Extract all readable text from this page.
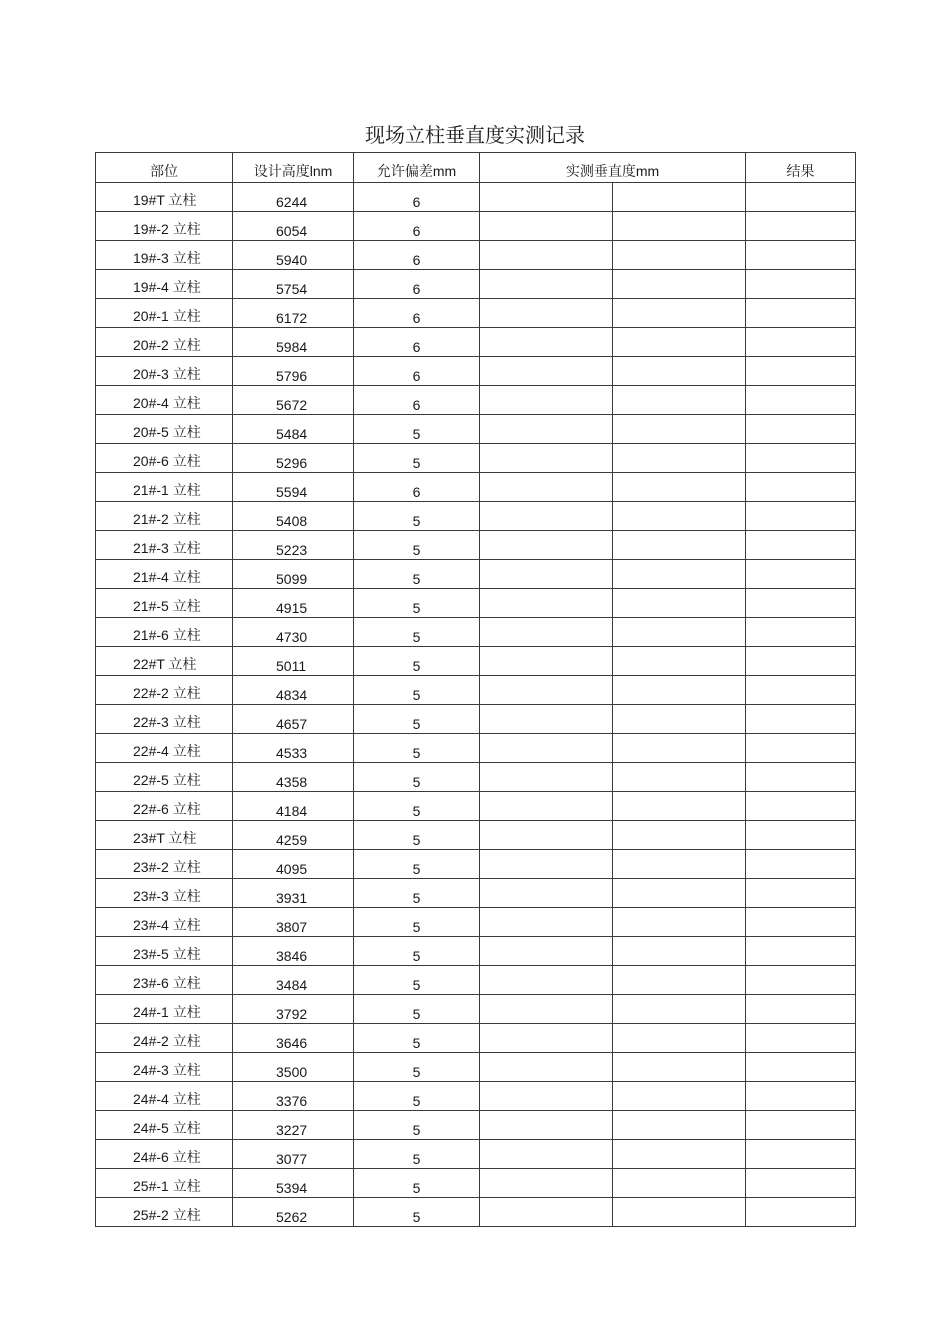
现场立柱垂直度实测记录
部位	设计高度lnm	允许偏差mm	实测垂直度mm		结果

19#T 立柱	6244	6			

19#-2 立柱	6054	6			

19#-3 立柱	5940	6			

19#-4 立柱	5754	6			

20#-1 立柱	6172	6			

20#-2 立柱	5984	6			

20#-3 立柱	5796	6			

20#-4 立柱	5672	6			

20#-5 立柱	5484	5			

20#-6 立柱	5296	5			

21#-1 立柱	5594	6			

21#-2 立柱	5408	5			

21#-3 立柱	5223	5			

21#-4 立柱	5099	5			

21#-5 立柱	4915	5			

21#-6 立柱	4730	5			

22#T 立柱	5011	5			

22#-2 立柱	4834	5			

22#-3 立柱	4657	5			

22#-4 立柱	4533	5			

22#-5 立柱	4358	5			

22#-6 立柱	4184	5			

23#T 立柱	4259	5			

23#-2 立柱	4095	5			

23#-3 立柱	3931	5			

23#-4 立柱	3807	5			

23#-5 立柱	3846	5			

23#-6 立柱	3484	5			

24#-1 立柱	3792	5			

24#-2 立柱	3646	5			

24#-3 立柱	3500	5			

24#-4 立柱	3376	5			

24#-5 立柱	3227	5			

24#-6 立柱	3077	5			

25#-1 立柱	5394	5			

25#-2 立柱	5262	5			
